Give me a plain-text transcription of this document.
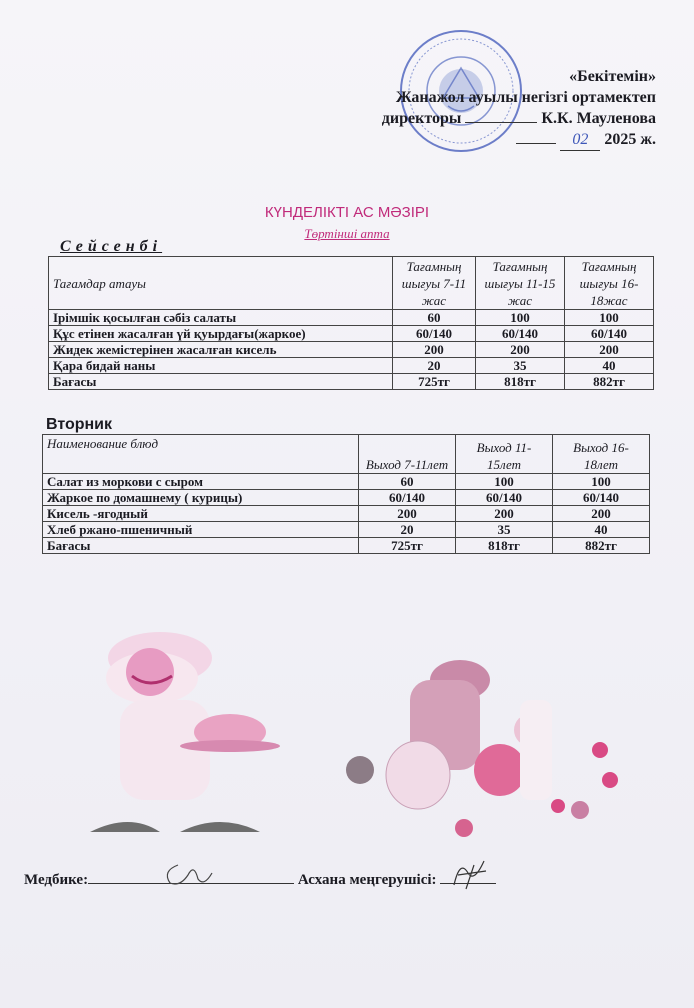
«Бекітемін»
Жанажол ауылы негізгі ортамектеп
директоры	К.К. Мауленова
02 2025 ж.
КҮНДЕЛІКТІ АС МӘЗІРІ
Төртінші апта
Сейсенбі
Тағамдар атауы	Тағамның шығуы 7-11 жас	Тағамның шығуы 11-15 жас	Тағамның шығуы 16-18жас
Ірімшік қосылған сәбіз салаты	60	100	100
Құс етінен жасалған үй қуырдағы(жаркое)	60/140	60/140	60/140
Жидек жемістерінен жасалған кисель	200	200	200
Қара бидай наны	20	35	40
Бағасы	725тг	818тг	882тг
Вторник
Наименование блюд	Выход 7-11лет	Выход 11-15лет	Выход 16-18лет
Салат из моркови с сыром	60	100	100
Жаркое по домашнему ( курицы)	60/140	60/140	60/140
Кисель -ягодный	200	200	200
Хлеб ржано-пшеничный	20	35	40
Бағасы	725тг	818тг	882тг
Медбике:	Асхана меңгерушісі:
